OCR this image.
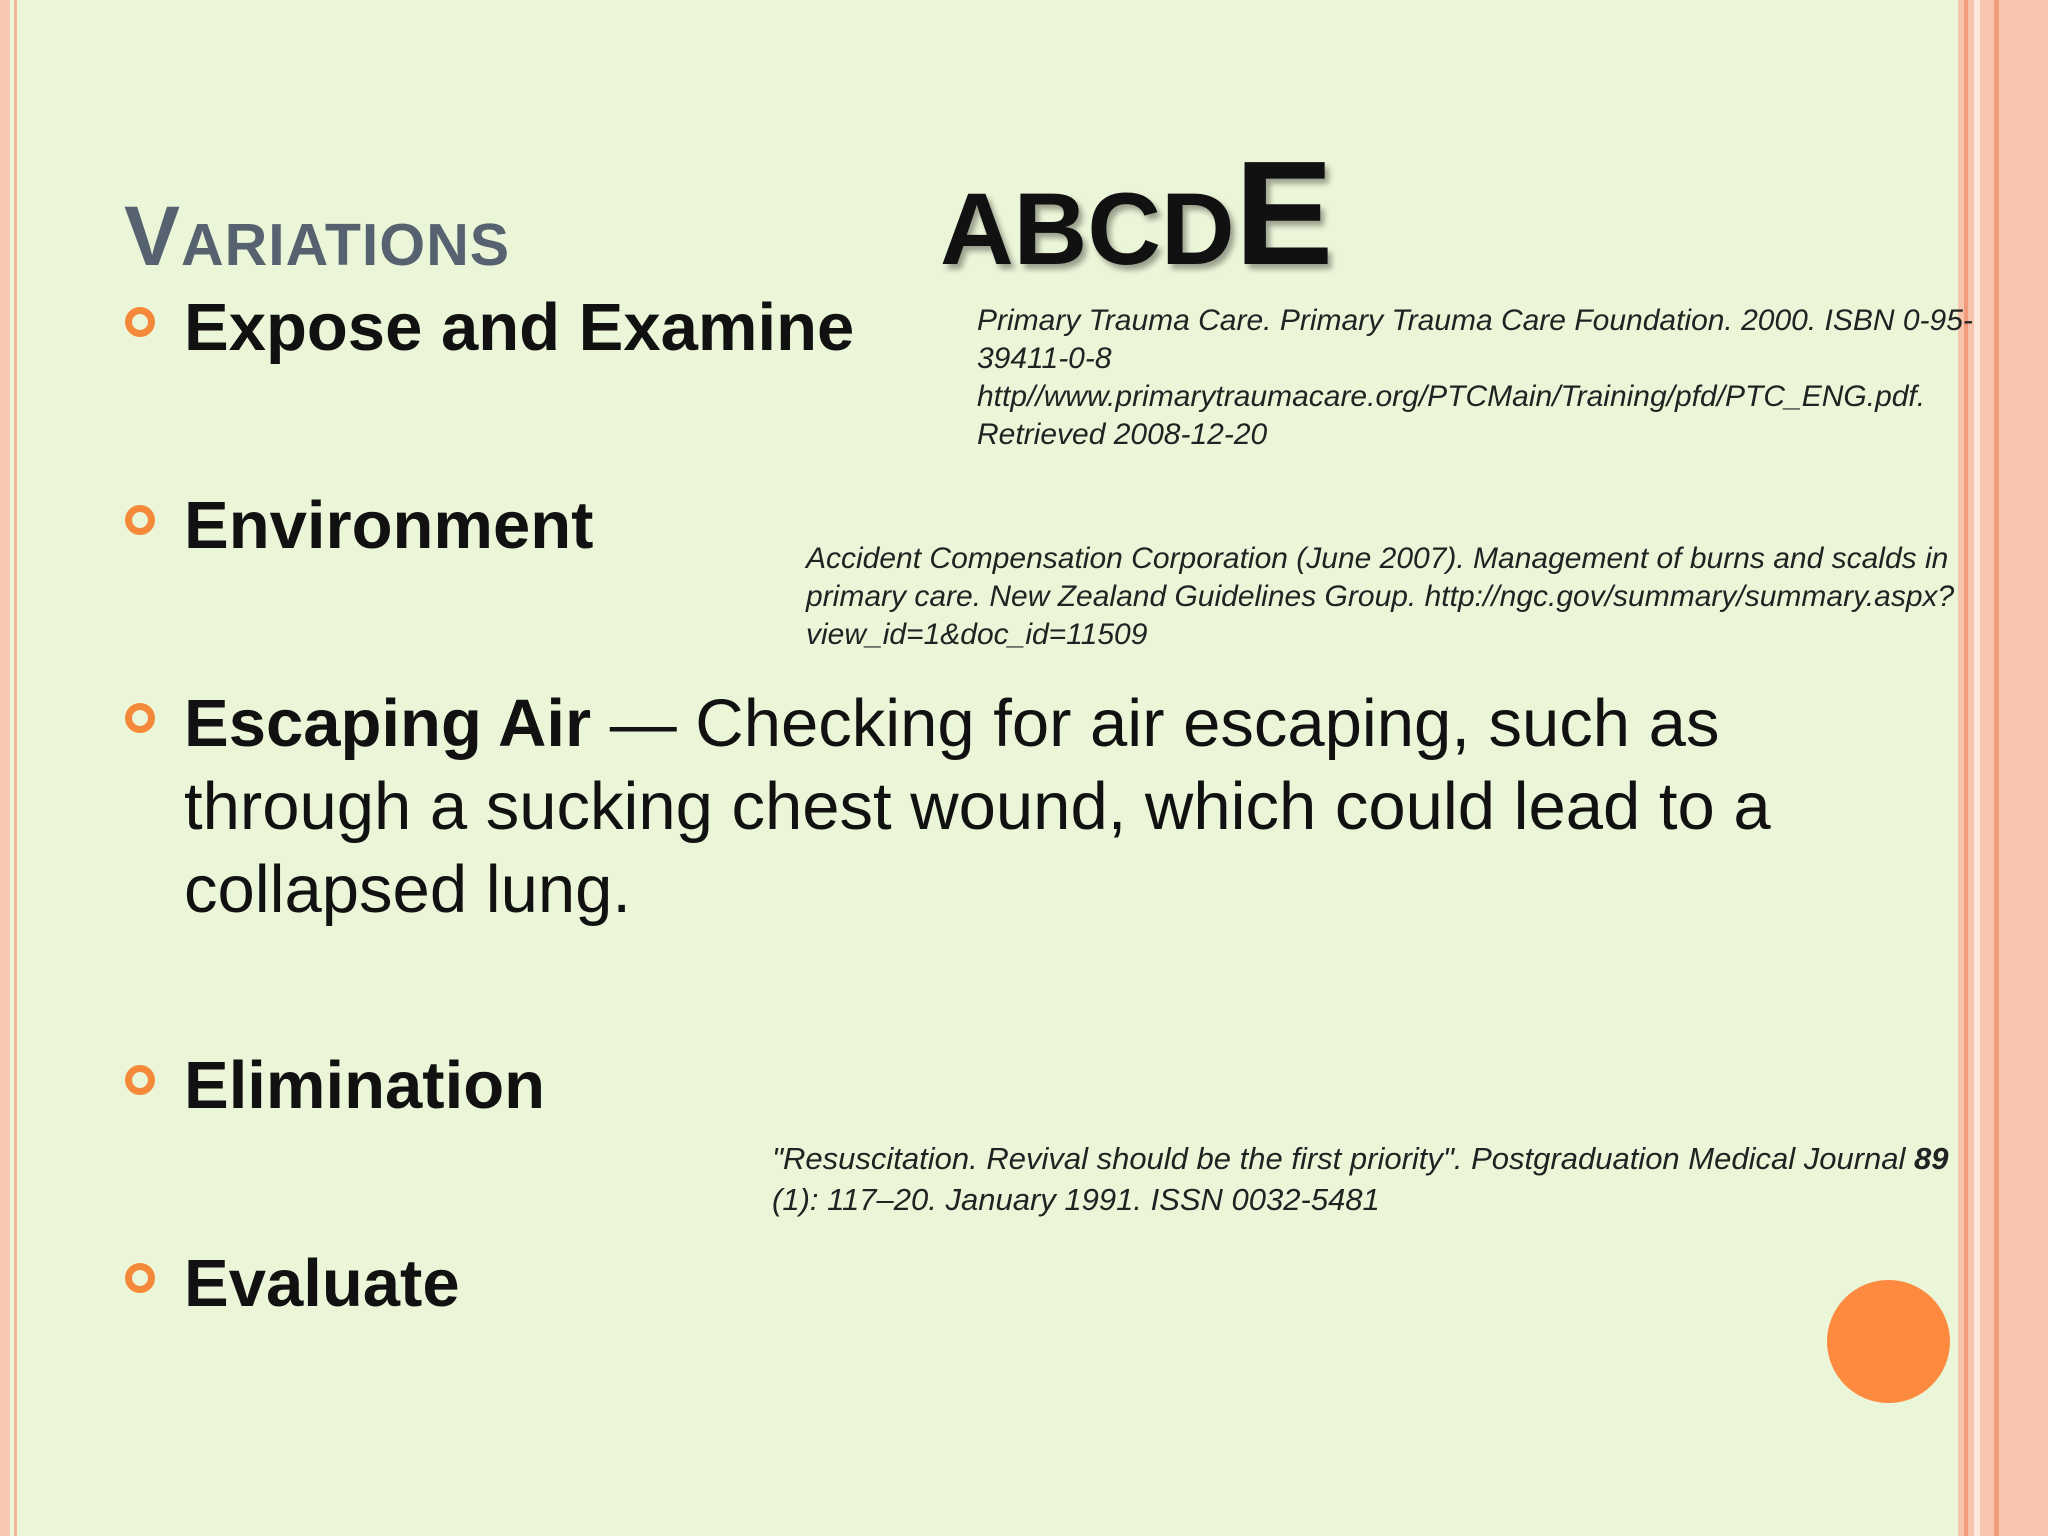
Variations	ABCDE
Expose and Examine
Environment
Escaping Air — Checking for air escaping, such as through a sucking chest wound, which could lead to a collapsed lung.
Elimination
Evaluate
Primary Trauma Care. Primary Trauma Care Foundation. 2000. ISBN 0-95-39411-0-8 http//www.primarytraumacare.org/PTCMain/Training/pfd/PTC_ENG.pdf. Retrieved 2008-12-20
Accident Compensation Corporation (June 2007). Management of burns and scalds in primary care. New Zealand Guidelines Group. http://ngc.gov/summary/summary.aspx?view_id=1&doc_id=11509
"Resuscitation. Revival should be the first priority". Postgraduation Medical Journal 89 (1): 117–20. January 1991. ISSN 0032-5481
